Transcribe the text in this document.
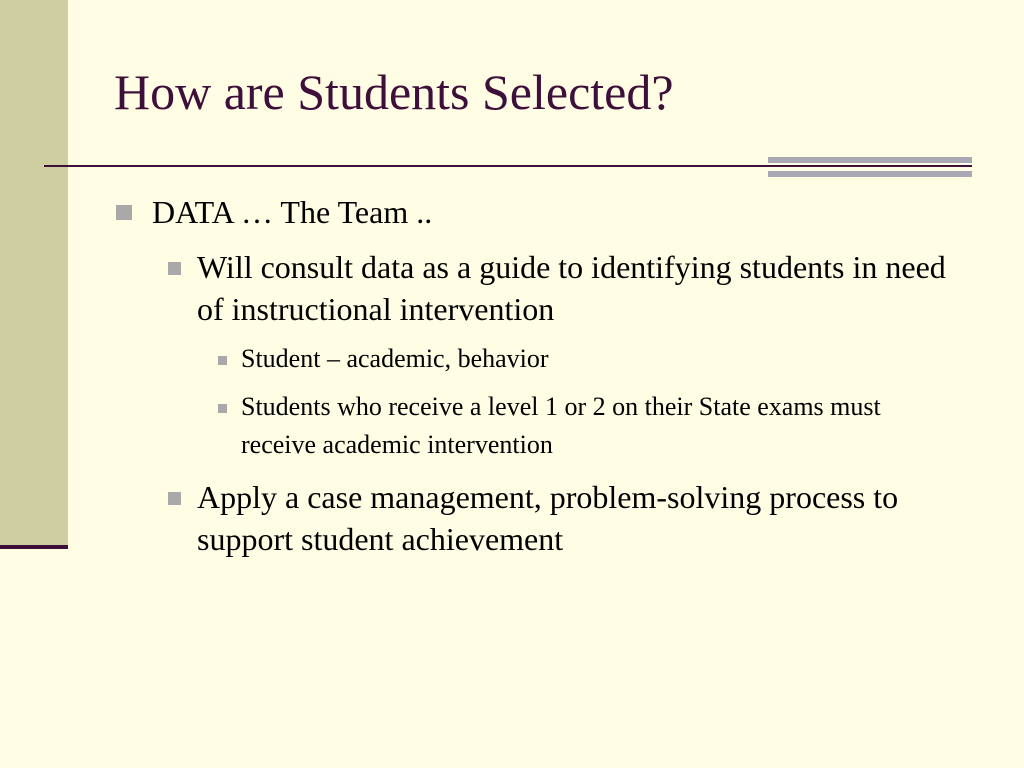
How are Students Selected?
DATA … The Team ..
Will consult data as a guide to identifying students in need of instructional intervention
Student – academic, behavior
Students who receive a level 1 or 2 on their State exams must receive academic intervention
Apply a case management, problem-solving process to support student achievement
